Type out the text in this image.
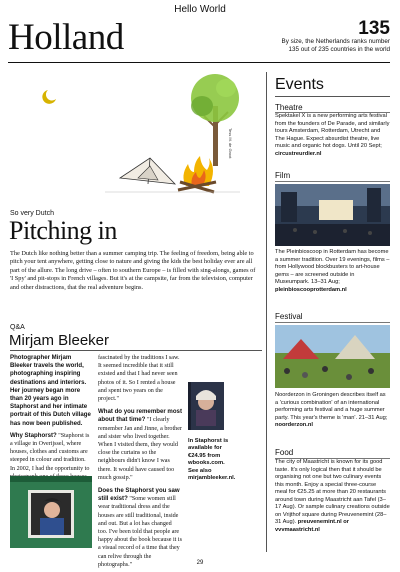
Hello World
Holland	135
By size, the Netherlands ranks number 135 out of 235 countries in the world
Tess M. de Groot
So very Dutch
Pitching in
The Dutch like nothing better than a summer camping trip. The feeling of freedom, being able to pitch your tent anywhere, getting close to nature and giving the kids the best holiday ever are all part of the allure. The long drive – often to southern Europe – is filled with sing-alongs, games of 'I Spy' and pit-stops in French villages. But it's at the campsite, far from the television, computer and other distractions, that the real adventure begins.
Q&A
Mirjam Bleeker
Photographer Mirjam Bleeker travels the world, photographing inspiring destinations and interiors. Her journey began more than 20 years ago in Staphorst and her intimate portrait of this Dutch village has now been published.
Why Staphorst? "Staphorst is a village in Overijssel, where houses, clothes and customs are steeped in colour and tradition. In 2002, I had the opportunity to
fascinated by the traditions I saw. It seemed incredible that it still existed and that I had never seen photos of it. So I rented a house and spent two years on the project."
What do you remember most about that time? "I clearly remember Jan and Jinne, a brother and sister who lived together. When I visited them, they would close the curtains so the neighbours didn't know I was there. It would have caused too much gossip."
Does the Staphorst you saw still exist? "Some women still wear traditional dress and the houses are still traditional, inside and out. But a lot has changed too. I've been told that people are happy about the book because it is a visual record of a time that they can relive through the photographs."
In Staphorst is available for €24.95 from wbooks.com. See also mirjambleeker.nl.
Events
Theatre
Spektakel X is a new performing arts festival from the founders of De Parade, and similarly tours Amsterdam, Rotterdam, Utrecht and The Hague. Expect absurdist theatre, live music and organic hot dogs. Until 20 Sept; circustreurdier.nl
Film
The Pleinbioscoop in Rotterdam has become a summer tradition. Over 19 evenings, films – from Hollywood blockbusters to art-house gems – are screened outside in Museumpark. 13–31 Aug; pleinbioscooprotterdam.nl
Festival
Noorderzon in Groningen describes itself as a 'curious combination' of an international performing arts festival and a huge summer party. This year's theme is 'man'. 21–31 Aug; noorderzon.nl
Food
The city of Maastricht is known for its good taste. It's only logical then that it should be organising not one but two culinary events this month. Enjoy a special three-course meal for €25.25 at more than 20 restaurants around town during Maastricht aan Tafel (3–17 Aug). Or sample culinary creations outside on Vrijthof square during Preuvenemint (28–31 Aug). preuvenemint.nl or vvvmaastricht.nl
29
